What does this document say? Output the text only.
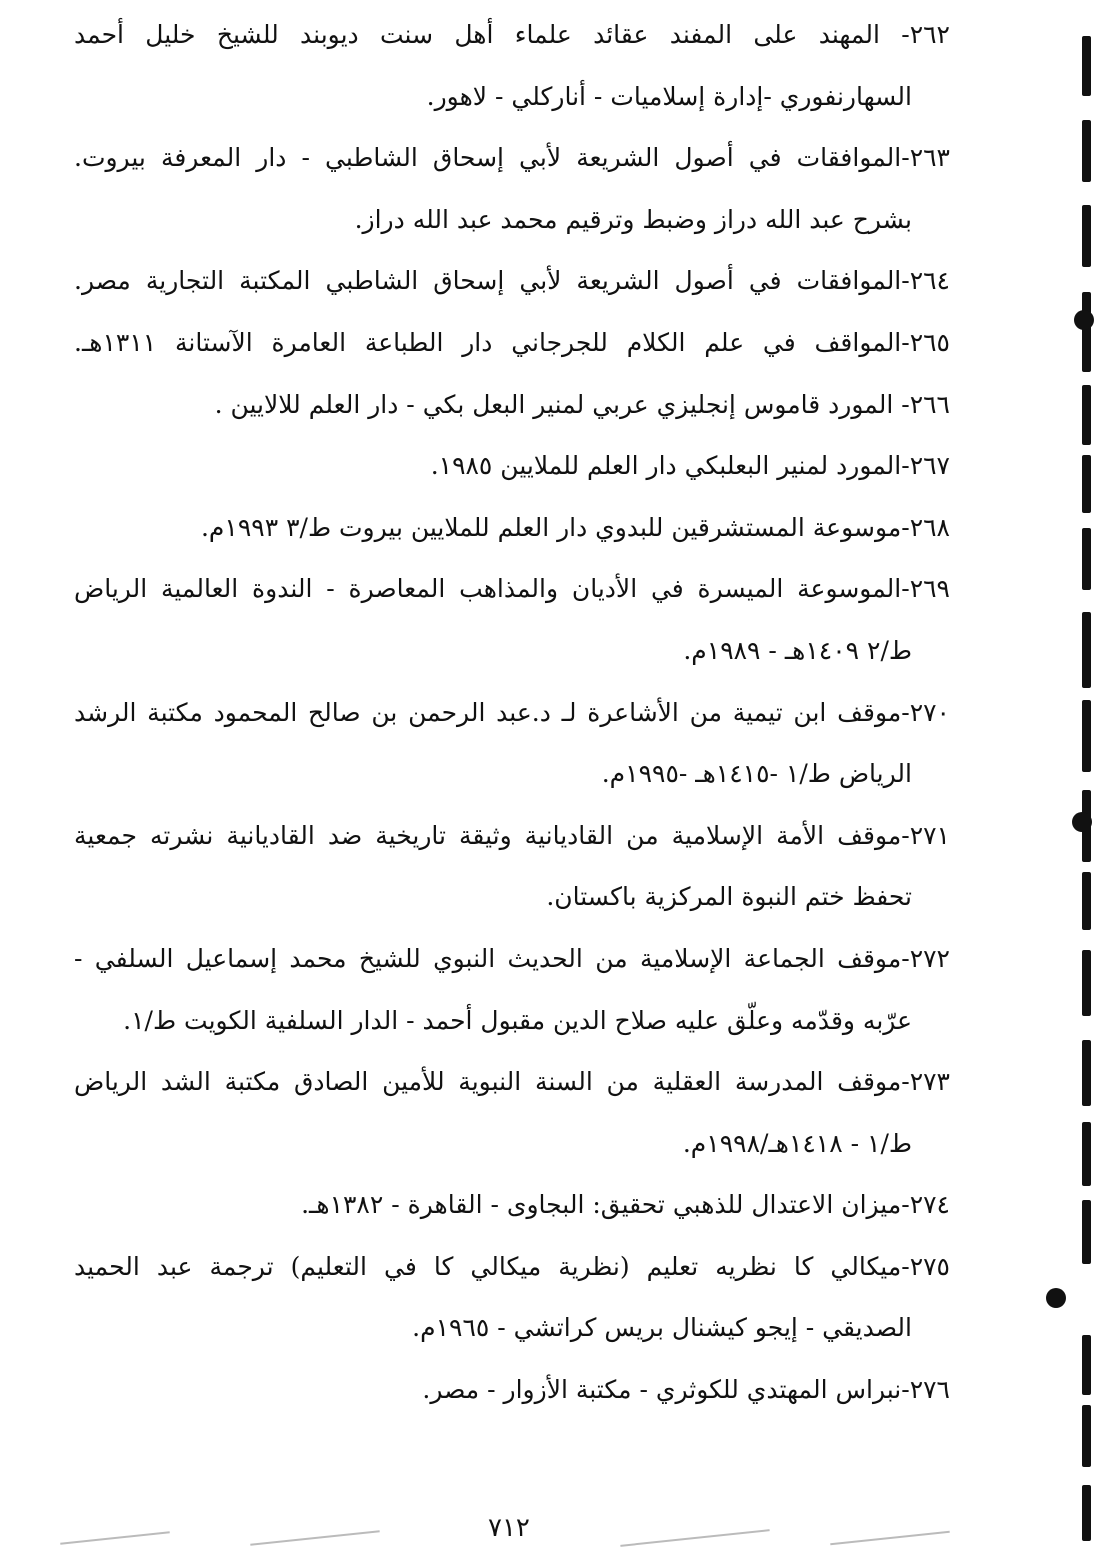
٢٦٢- المهند على المفند عقائد علماء أهل سنت ديوبند للشيخ خليل أحمد
السهارنفوري -إدارة إسلاميات - أناركلي - لاهور.
٢٦٣-الموافقات في أصول الشريعة لأبي إسحاق الشاطبي - دار المعرفة بيروت.
بشرح عبد الله دراز وضبط وترقيم محمد عبد الله دراز.
٢٦٤-الموافقات في أصول الشريعة لأبي إسحاق الشاطبي المكتبة التجارية مصر.
٢٦٥-المواقف في علم الكلام للجرجاني دار الطباعة العامرة الآستانة ١٣١١هـ.
٢٦٦- المورد قاموس إنجليزي عربي لمنير البعل بكي - دار العلم للالايين .
٢٦٧-المورد لمنير البعلبكي دار العلم للملايين ١٩٨٥.
٢٦٨-موسوعة المستشرقين للبدوي دار العلم للملايين بيروت ط/٣ ١٩٩٣م.
٢٦٩-الموسوعة الميسرة في الأديان والمذاهب المعاصرة - الندوة العالمية الرياض
ط/٢ ١٤٠٩هـ - ١٩٨٩م.
٢٧٠-موقف ابن تيمية من الأشاعرة لـ د.عبد الرحمن بن صالح المحمود مكتبة الرشد
الرياض ط/١ -١٤١٥هـ -١٩٩٥م.
٢٧١-موقف الأمة الإسلامية من القاديانية وثيقة تاريخية ضد القاديانية نشرته جمعية
تحفظ ختم النبوة المركزية باكستان.
٢٧٢-موقف الجماعة الإسلامية من الحديث النبوي للشيخ محمد إسماعيل السلفي -
عرّبه وقدّمه وعلّق عليه صلاح الدين مقبول أحمد - الدار السلفية الكويت ط/١.
٢٧٣-موقف المدرسة العقلية من السنة النبوية للأمين الصادق مكتبة الشد الرياض
ط/١ - ١٤١٨هـ/١٩٩٨م.
٢٧٤-ميزان الاعتدال للذهبي تحقيق: البجاوى - القاهرة - ١٣٨٢هـ.
٢٧٥-ميكالي كا نظريه تعليم (نظرية ميكالي كا في التعليم) ترجمة عبد الحميد
الصديقي - إيجو كيشنال بريس كراتشي - ١٩٦٥م.
٢٧٦-نبراس المهتدي للكوثري - مكتبة الأزوار - مصر.
٧١٢
